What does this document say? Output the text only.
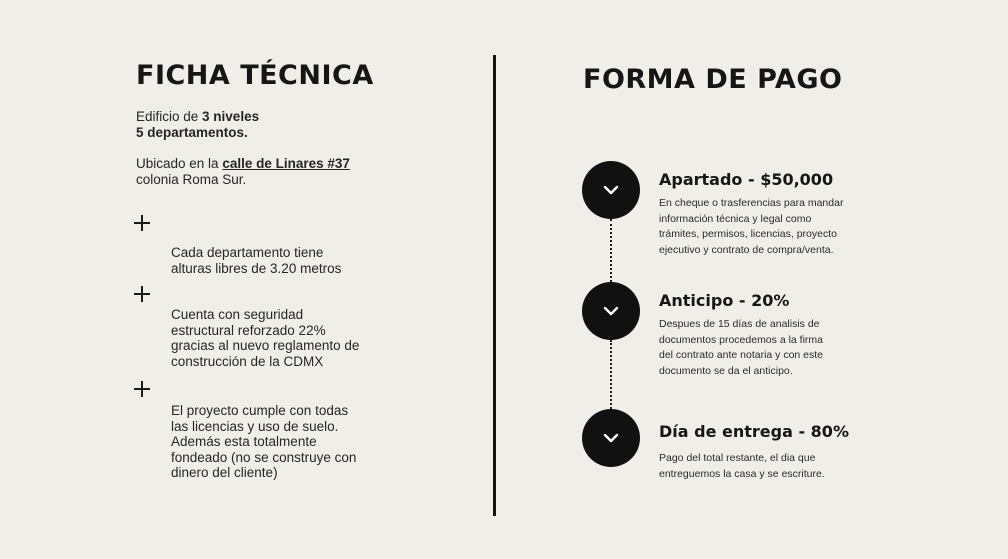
FICHA TÉCNICA
Edificio de 3 niveles
5 departamentos.
Ubicado en la calle de Linares #37
colonia Roma Sur.
Cada departamento tiene
alturas libres de 3.20 metros
Cuenta con seguridad
estructural reforzado 22%
gracias al nuevo reglamento de
construcción de la CDMX
El proyecto cumple con todas
las licencias y uso de suelo.
Además esta totalmente
fondeado (no se construye con
dinero del cliente)
FORMA DE PAGO
Apartado - $50,000
En cheque o trasferencias para mandar
información técnica y legal como
trámites, permisos, licencias, proyecto
ejecutivo y contrato de compra/venta.
Anticipo - 20%
Despues de 15 días de analisis de
documentos procedemos a la firma
del contrato ante notaria y con este
documento se da el anticipo.
Día de entrega - 80%
Pago del total restante, el dia que
entreguemos la casa y se escriture.
